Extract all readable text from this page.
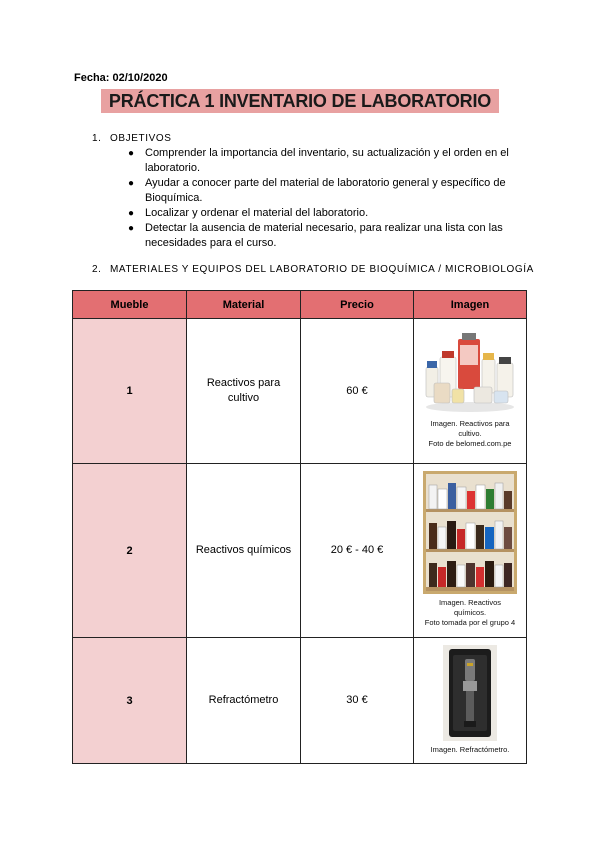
Fecha: 02/10/2020
PRÁCTICA 1 INVENTARIO DE LABORATORIO
1. OBJETIVOS
● Comprender la importancia del inventario, su actualización y el orden en el laboratorio.
● Ayudar a conocer parte del material de laboratorio general y específico de Bioquímica.
● Localizar y ordenar el material del laboratorio.
● Detectar la ausencia de material necesario, para realizar una lista con las necesidades para el curso.
2. MATERIALES Y EQUIPOS DEL LABORATORIO DE BIOQUÍMICA / MICROBIOLOGÍA
Mueble	Material	Precio	Imagen
1	Reactivos para cultivo	60 €	Imagen. Reactivos para
cultivo.
Foto de belomed.com.pe

2	Reactivos químicos	20 € - 40 €	Imagen. Reactivos
químicos.
Foto tomada por el grupo 4

3	Refractómetro	30 €	Imagen. Refractómetro.
